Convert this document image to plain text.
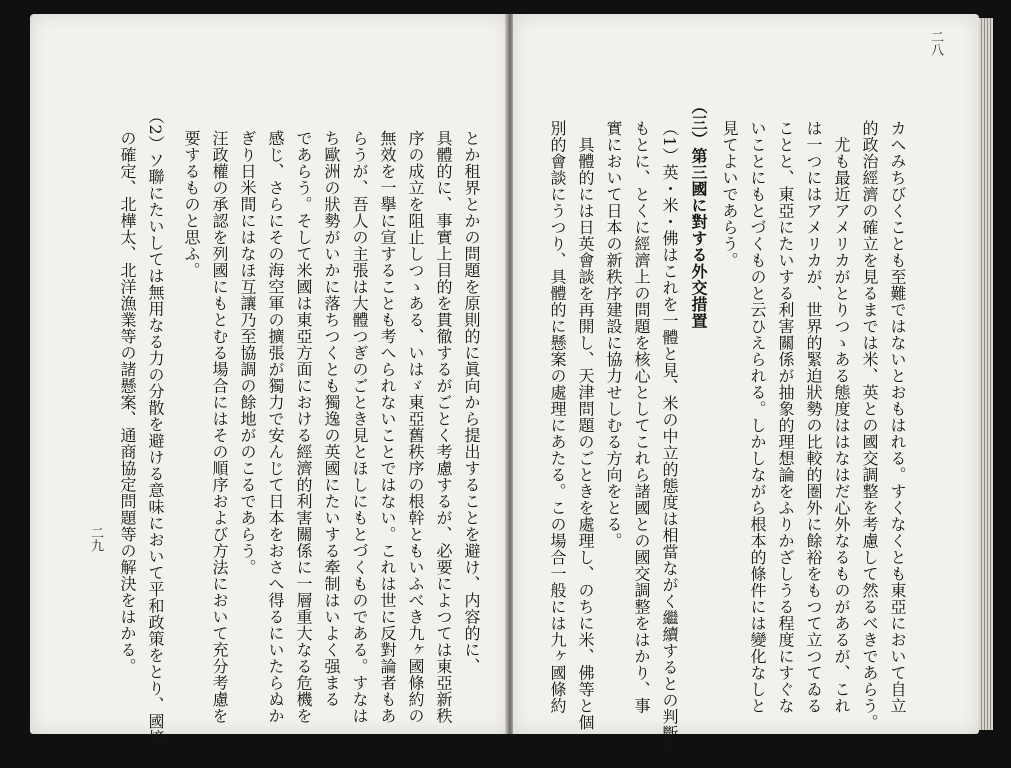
二八
カへみちびくことも至難ではないとおもはれる。すくなくとも東亞において自立
的政治經濟の確立を見るまでは米、英との國交調整を考慮して然るべきであらう。
　尤も最近アメリカがとりつゝある態度ははなはだ心外なるものがあるが、これ
は一つにはアメリカが、世界的緊迫狀勢の比較的圏外に餘裕をもつて立つてゐる
ことと、東亞にたいする利害關係が抽象的理想論をふりかざしうる程度にすぐな
いことにもとづくものと云ひえられる。しかしながら根本的條件には變化なしと
見てよいであらう。
（三）第三國に對する外交措置
（1）英・米・佛はこれを一體と見、米の中立的態度は相當ながく繼續するとの判斷の
もとに、とくに經濟上の問題を核心としてこれら諸國との國交調整をはかり、事
實において日本の新秩序建設に協力せしむる方向をとる。
　具體的には日英會談を再開し、天津問題のごときを處理し、のちに米、佛等と個
別的會談にうつり、具體的に懸案の處理にあたる。この場合一般には九ヶ國條約
とか租界とかの問題を原則的に眞向から提出することを避け、内容的に、
具體的に、事實上目的を貫徹するがごとく考慮するが、必要によつては東亞新秩
序の成立を阻止しつゝある、いはゞ東亞舊秩序の根幹ともいふべき九ヶ國條約の
無效を一擧に宣することも考へられないことではない。これは世に反對論者もあ
らうが、吾人の主張は大體つぎのごとき見とほしにもとづくものである。すなは
ち歐洲の狀勢がいかに落ちつくとも獨逸の英國にたいする牽制はいよく强まる
であらう。そして米國は東亞方面における經濟的利害關係に一層重大なる危機を
感じ、さらにその海空軍の擴張が獨力で安んじて日本をおさへ得るにいたらぬか
ぎり日米間にはなほ互讓乃至協調の餘地がのこるであらう。
汪政權の承認を列國にもとむる場合にはその順序および方法において充分考慮を
要するものと思ふ。
（2）ソ聯にたいしては無用なる力の分散を避ける意味において平和政策をとり、國境
の確定、北樺太、北洋漁業等の諸懸案、通商協定問題等の解決をはかる。
二九
